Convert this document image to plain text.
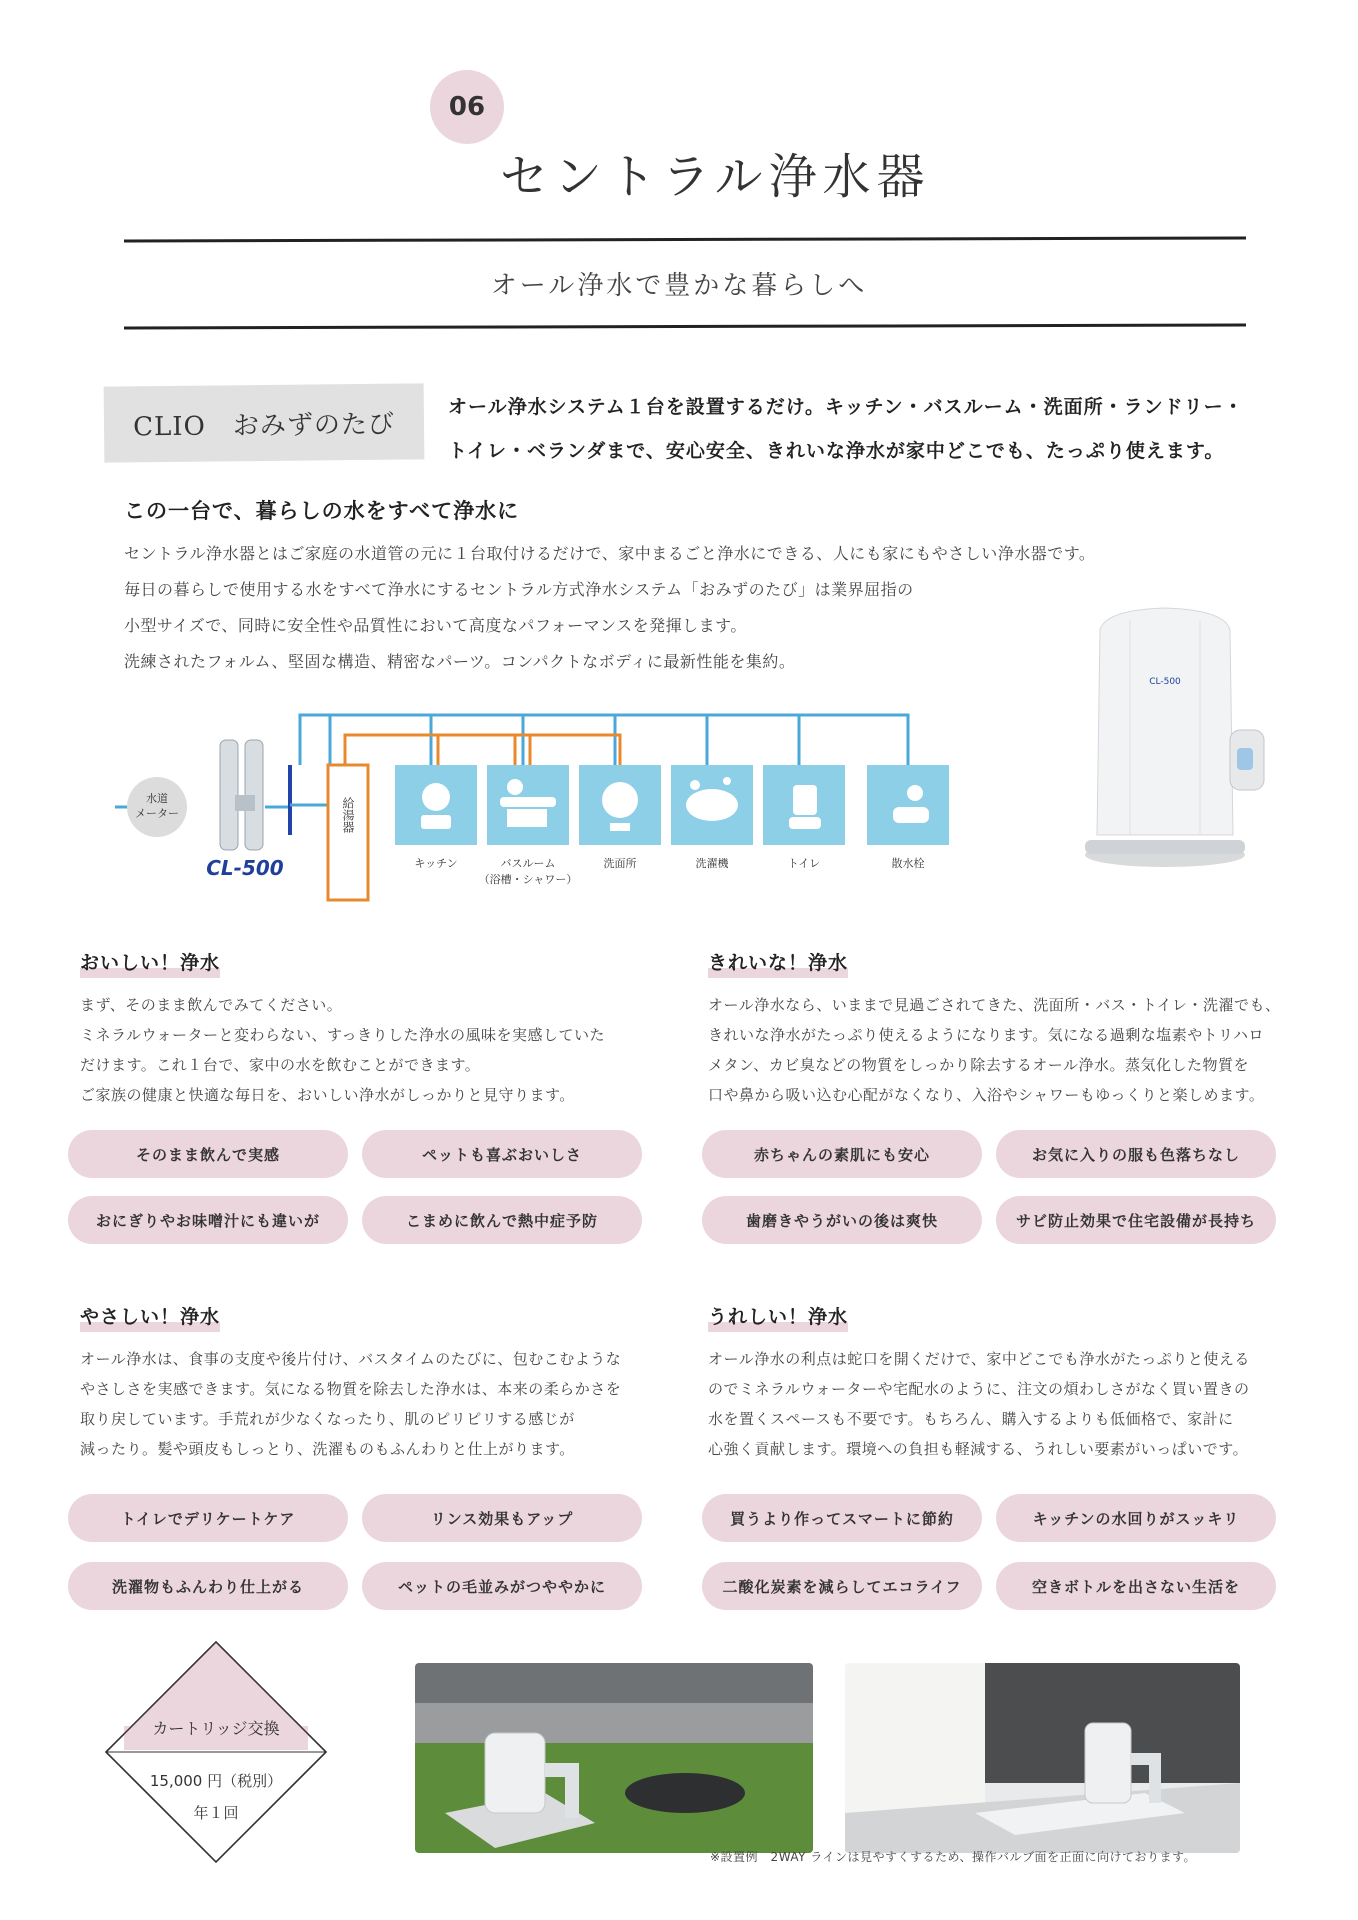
06
セントラル浄水器
オール浄水で豊かな暮らしへ
CLIO　おみずのたび
オール浄水システム１台を設置するだけ。キッチン・バスルーム・洗面所・ランドリー・
トイレ・ベランダまで、安心安全、きれいな浄水が家中どこでも、たっぷり使えます。
この一台で、暮らしの水をすべて浄水に
セントラル浄水器とはご家庭の水道管の元に１台取付けるだけで、家中まるごと浄水にできる、人にも家にもやさしい浄水器です。
毎日の暮らしで使用する水をすべて浄水にするセントラル方式浄水システム「おみずのたび」は業界屈指の
小型サイズで、同時に安全性や品質性において高度なパフォーマンスを発揮します。
洗練されたフォルム、堅固な構造、精密なパーツ。コンパクトなボディに最新性能を集約。
水道
メーター
CL-500
給湯器
キッチン	バスルーム
（浴槽・シャワー）
洗面所	洗濯機	トイレ	散水栓
CL-500
おいしい！浄水
まず、そのまま飲んでみてください。
ミネラルウォーターと変わらない、すっきりした浄水の風味を実感していた
だけます。これ１台で、家中の水を飲むことができます。
ご家族の健康と快適な毎日を、おいしい浄水がしっかりと見守ります。
そのまま飲んで実感	ペットも喜ぶおいしさ
おにぎりやお味噌汁にも違いが	こまめに飲んで熱中症予防
きれいな！浄水
オール浄水なら、いままで見過ごされてきた、洗面所・バス・トイレ・洗濯でも、
きれいな浄水がたっぷり使えるようになります。気になる過剰な塩素やトリハロ
メタン、カビ臭などの物質をしっかり除去するオール浄水。蒸気化した物質を
口や鼻から吸い込む心配がなくなり、入浴やシャワーもゆっくりと楽しめます。
赤ちゃんの素肌にも安心	お気に入りの服も色落ちなし
歯磨きやうがいの後は爽快	サビ防止効果で住宅設備が長持ち
やさしい！浄水
オール浄水は、食事の支度や後片付け、バスタイムのたびに、包むこむような
やさしさを実感できます。気になる物質を除去した浄水は、本来の柔らかさを
取り戻しています。手荒れが少なくなったり、肌のピリピリする感じが
減ったり。髪や頭皮もしっとり、洗濯ものもふんわりと仕上がります。
トイレでデリケートケア	リンス効果もアップ
洗濯物もふんわり仕上がる	ペットの毛並みがつややかに
うれしい！浄水
オール浄水の利点は蛇口を開くだけで、家中どこでも浄水がたっぷりと使える
のでミネラルウォーターや宅配水のように、注文の煩わしさがなく買い置きの
水を置くスペースも不要です。もちろん、購入するよりも低価格で、家計に
心強く貢献します。環境への負担も軽減する、うれしい要素がいっぱいです。
買うより作ってスマートに節約	キッチンの水回りがスッキリ
二酸化炭素を減らしてエコライフ	空きボトルを出さない生活を
カートリッジ交換
15,000 円（税別）
年１回
※設置例　2WAY ラインは見やすくするため、操作バルブ面を正面に向けております。
